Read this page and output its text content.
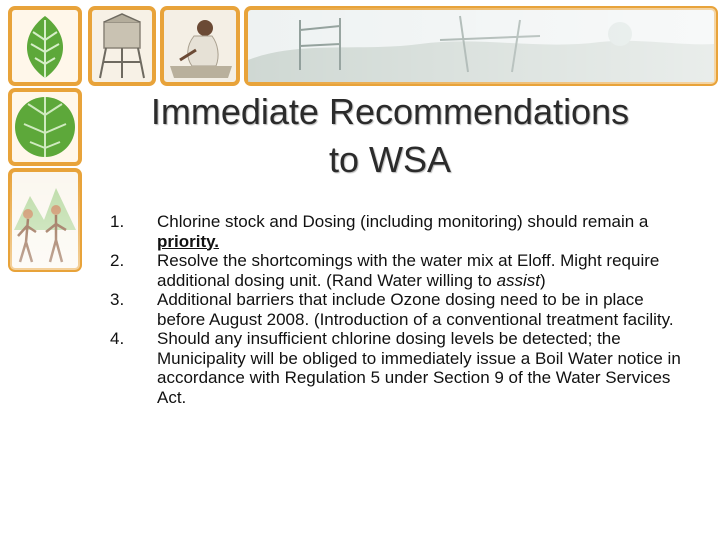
Immediate Recommendations
to WSA
1.	Chlorine stock and Dosing (including monitoring) should remain a priority.
2.	Resolve the shortcomings with the water mix at Eloff. Might require additional dosing unit. (Rand Water willing to assist)
3.	Additional barriers that include Ozone dosing need to be in place before August 2008. (Introduction of a conventional treatment facility.
4.	Should any insufficient chlorine dosing levels be detected; the Municipality will be obliged to immediately issue a Boil Water notice in accordance with Regulation 5 under Section 9 of the Water Services Act.
